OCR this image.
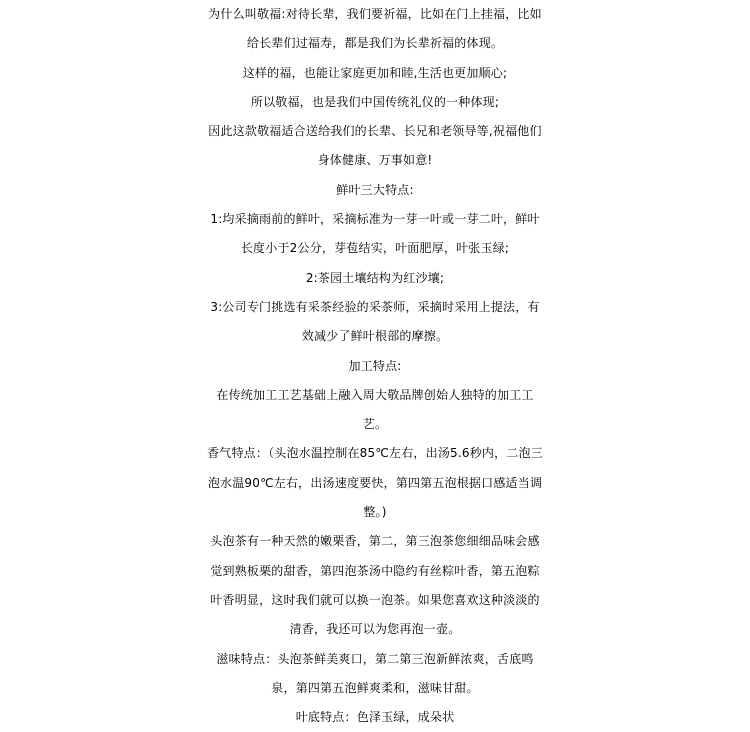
为什么叫敬福:对待长辈，我们要祈福，比如在门上挂福，比如
给长辈们过福寿，都是我们为长辈祈福的体现。
这样的福，也能让家庭更加和睦,生活也更加顺心;
所以敬福，也是我们中国传统礼仪的一种体现;
因此这款敬福适合送给我们的长辈、长兄和老领导等,祝福他们
身体健康、万事如意!
鲜叶三大特点:
1:均采摘雨前的鲜叶，采摘标准为一芽一叶或一芽二叶，鲜叶
长度小于2公分，芽苞结实，叶面肥厚，叶张玉绿;
2:茶园土壤结构为红沙壤;
3:公司专门挑选有采茶经验的采茶师，采摘时采用上提法，有
效减少了鲜叶根部的摩擦。
加工特点:
在传统加工工艺基础上融入周大敬品牌创始人独特的加工工
艺。
香气特点：（头泡水温控制在85℃左右，出汤5.6秒内，二泡三
泡水温90℃左右，出汤速度要快，第四第五泡根据口感适当调
整。)
头泡茶有一种天然的嫩栗香，第二，第三泡茶您细细品味会感
觉到熟板栗的甜香，第四泡茶汤中隐约有丝粽叶香，第五泡粽
叶香明显，这时我们就可以换一泡茶。如果您喜欢这种淡淡的
清香，我还可以为您再泡一壶。
滋味特点：头泡茶鲜美爽口，第二第三泡新鲜浓爽，舌底鸣
泉，第四第五泡鲜爽柔和，滋味甘甜。
叶底特点：色泽玉绿，成朵状
